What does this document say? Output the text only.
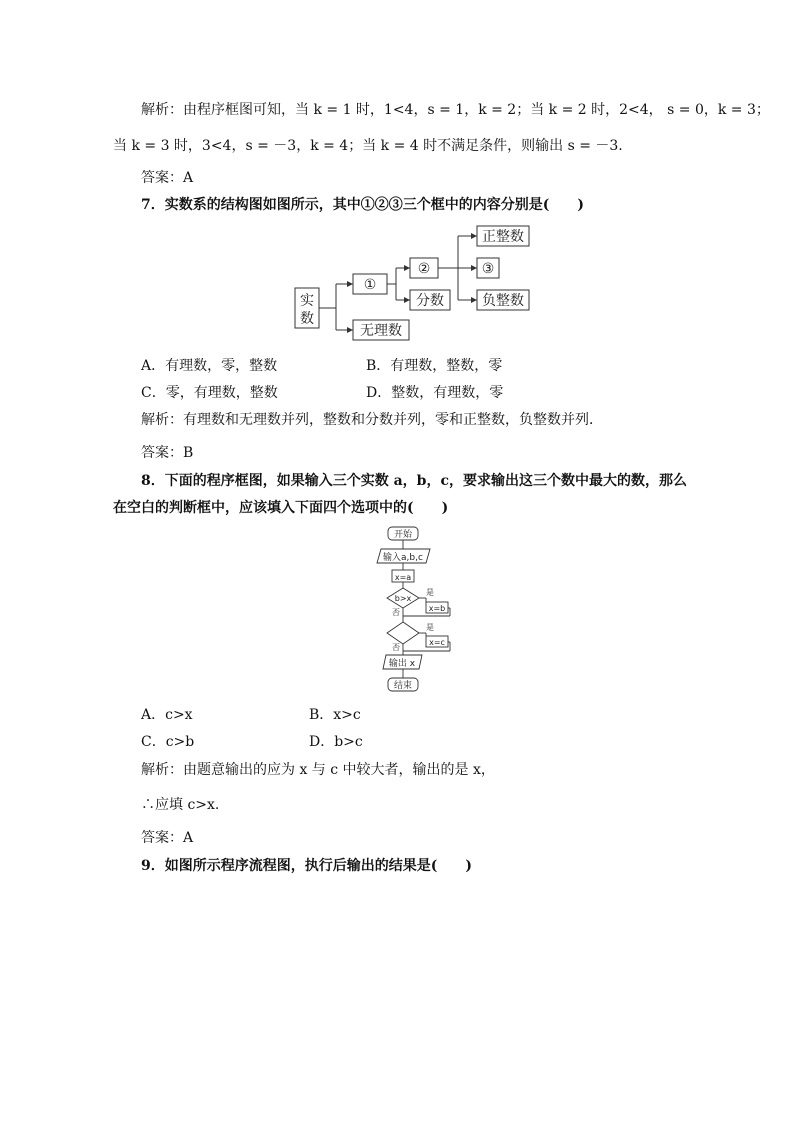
解析：由程序框图可知，当 k = 1 时，1<4，s = 1，k = 2；当 k = 2 时，2<4， s = 0，k = 3；
当 k = 3 时，3<4，s = －3，k = 4；当 k = 4 时不满足条件，则输出 s = －3.
答案：A
7．实数系的结构图如图所示，其中①②③三个框中的内容分别是(　　)
实
数
①
无理数
②
分数
③
正整数
负整数
A．有理数，零，整数	B．有理数，整数，零
C．零，有理数，整数	D．整数，有理数，零
解析：有理数和无理数并列，整数和分数并列，零和正整数，负整数并列．
答案：B
8．下面的程序框图，如果输入三个实数 a，b，c，要求输出这三个数中最大的数，那么
在空白的判断框中，应该填入下面四个选项中的(　　)
开始
输入a,b,c
x=a
b>x
是
x=b
否
是
x=c
否
输出 x
结束
A．c>x	B．x>c
C．c>b	D．b>c
解析：由题意输出的应为 x 与 c 中较大者，输出的是 x，
∴应填 c>x.
答案：A
9．如图所示程序流程图，执行后输出的结果是(　　)
